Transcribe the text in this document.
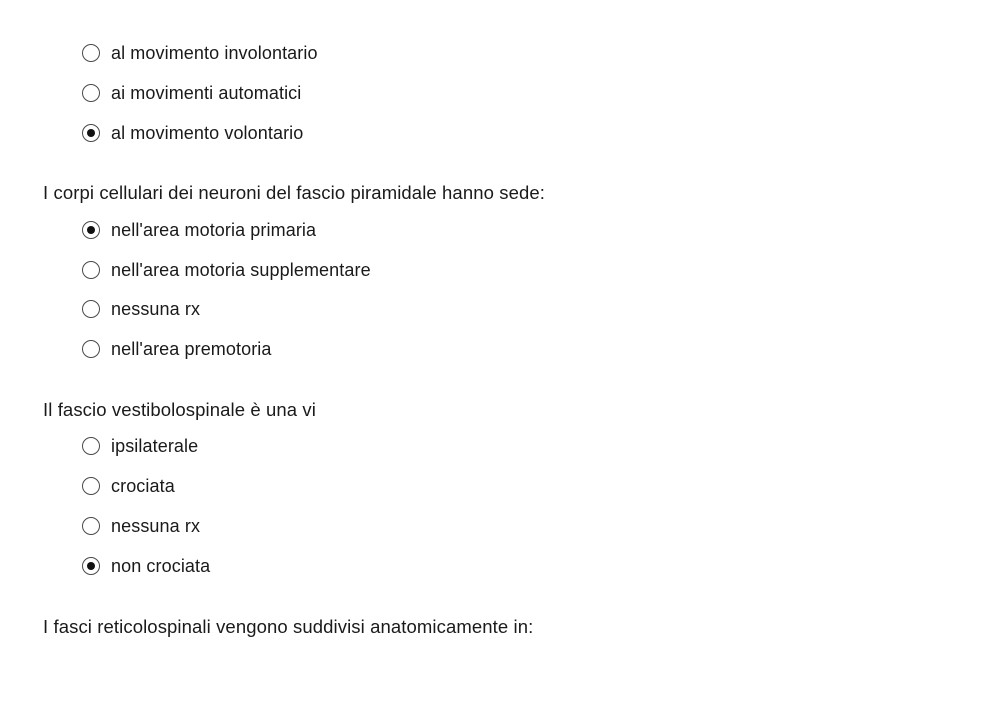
al movimento involontario
ai movimenti automatici
al movimento volontario
I corpi cellulari dei neuroni del fascio piramidale hanno sede:
nell'area motoria primaria
nell'area motoria supplementare
nessuna rx
nell'area premotoria
Il fascio vestibolospinale è una vi
ipsilaterale
crociata
nessuna rx
non crociata
I fasci reticolospinali vengono suddivisi anatomicamente in:
